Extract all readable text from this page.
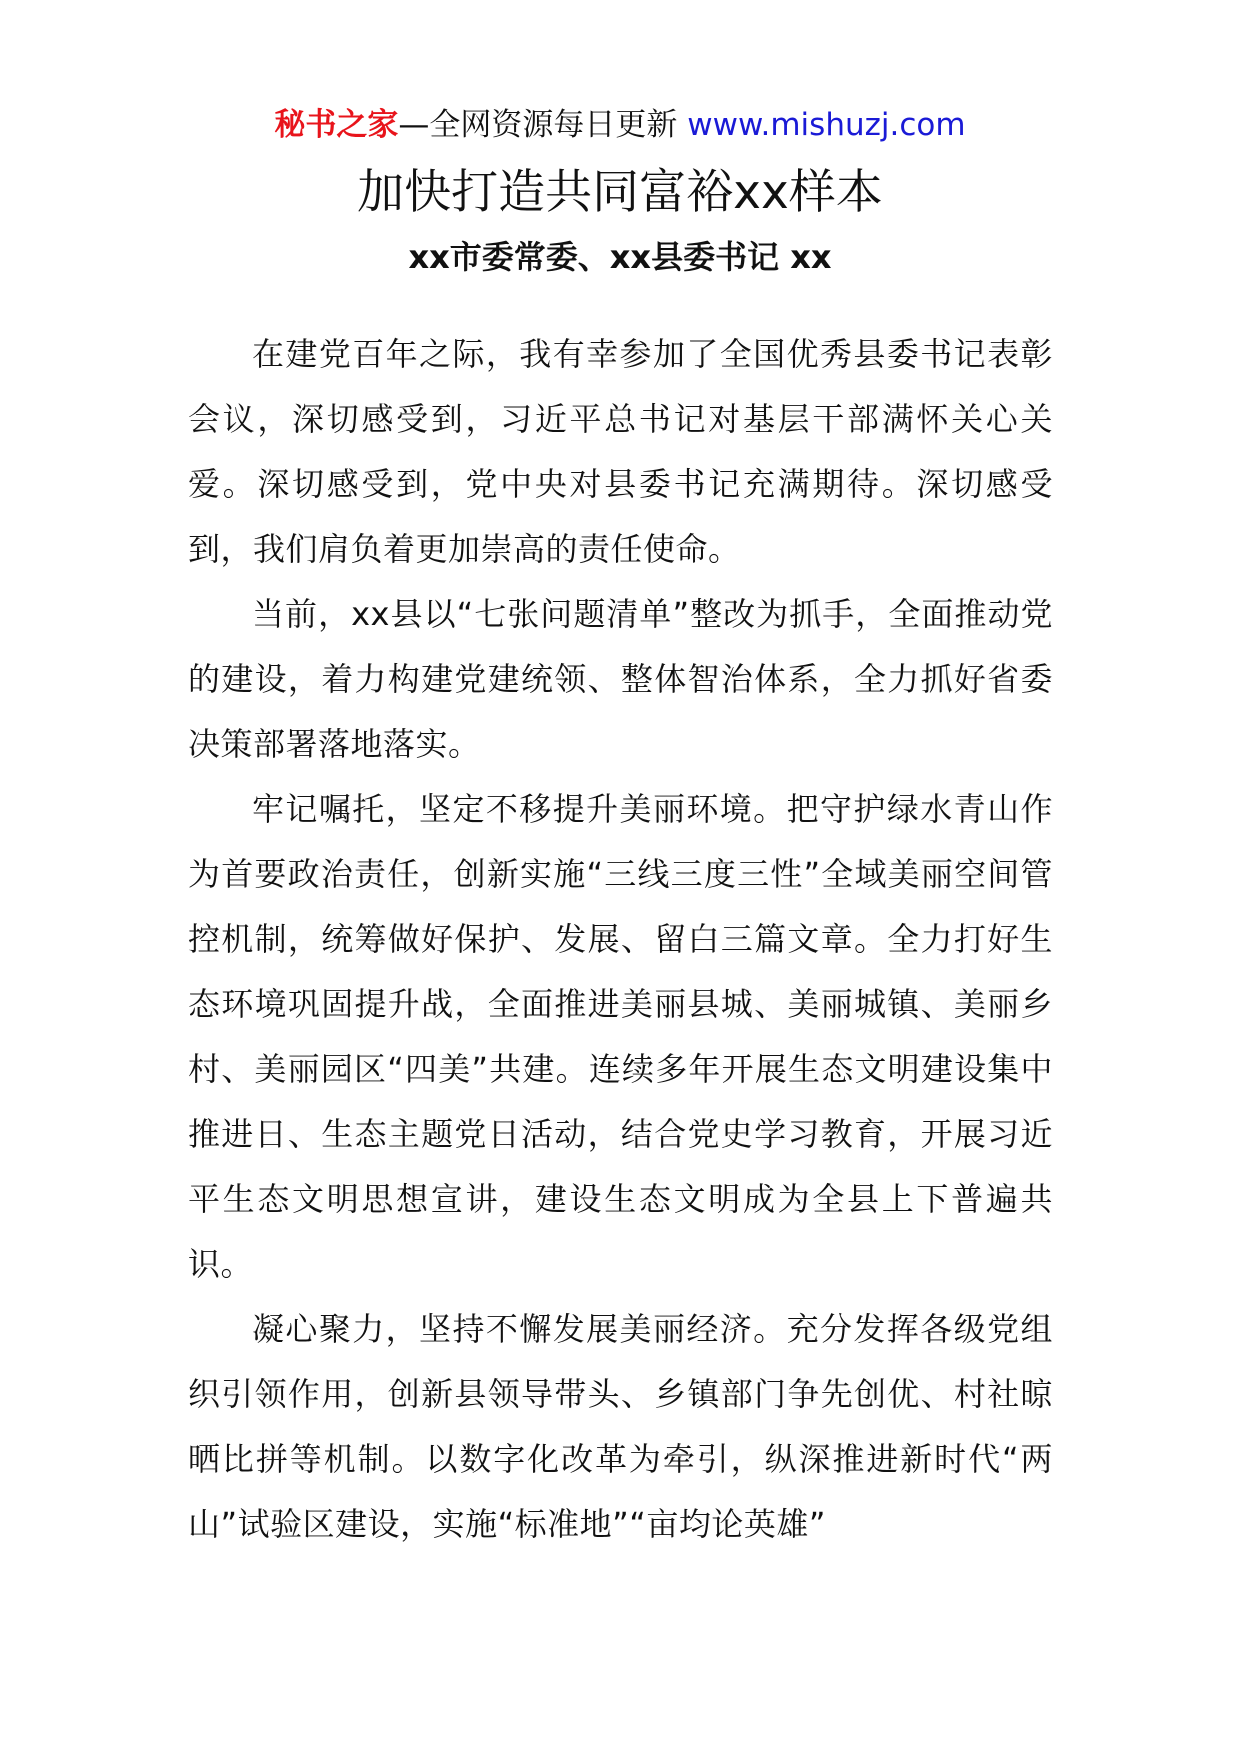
秘书之家—全网资源每日更新 www.mishuzj.com
加快打造共同富裕xx样本
xx市委常委、xx县委书记 xx

在建党百年之际，我有幸参加了全国优秀县委书记表彰会议，深切感受到，习近平总书记对基层干部满怀关心关爱。深切感受到，党中央对县委书记充满期待。深切感受到，我们肩负着更加崇高的责任使命。

当前，xx县以“七张问题清单”整改为抓手，全面推动党的建设，着力构建党建统领、整体智治体系，全力抓好省委决策部署落地落实。

牢记嘱托，坚定不移提升美丽环境。把守护绿水青山作为首要政治责任，创新实施“三线三度三性”全域美丽空间管控机制，统筹做好保护、发展、留白三篇文章。全力打好生态环境巩固提升战，全面推进美丽县城、美丽城镇、美丽乡村、美丽园区“四美”共建。连续多年开展生态文明建设集中推进日、生态主题党日活动，结合党史学习教育，开展习近平生态文明思想宣讲，建设生态文明成为全县上下普遍共识。

凝心聚力，坚持不懈发展美丽经济。充分发挥各级党组织引领作用，创新县领导带头、乡镇部门争先创优、村社晾晒比拼等机制。以数字化改革为牵引，纵深推进新时代“两山”试验区建设，实施“标准地”“亩均论英雄”
